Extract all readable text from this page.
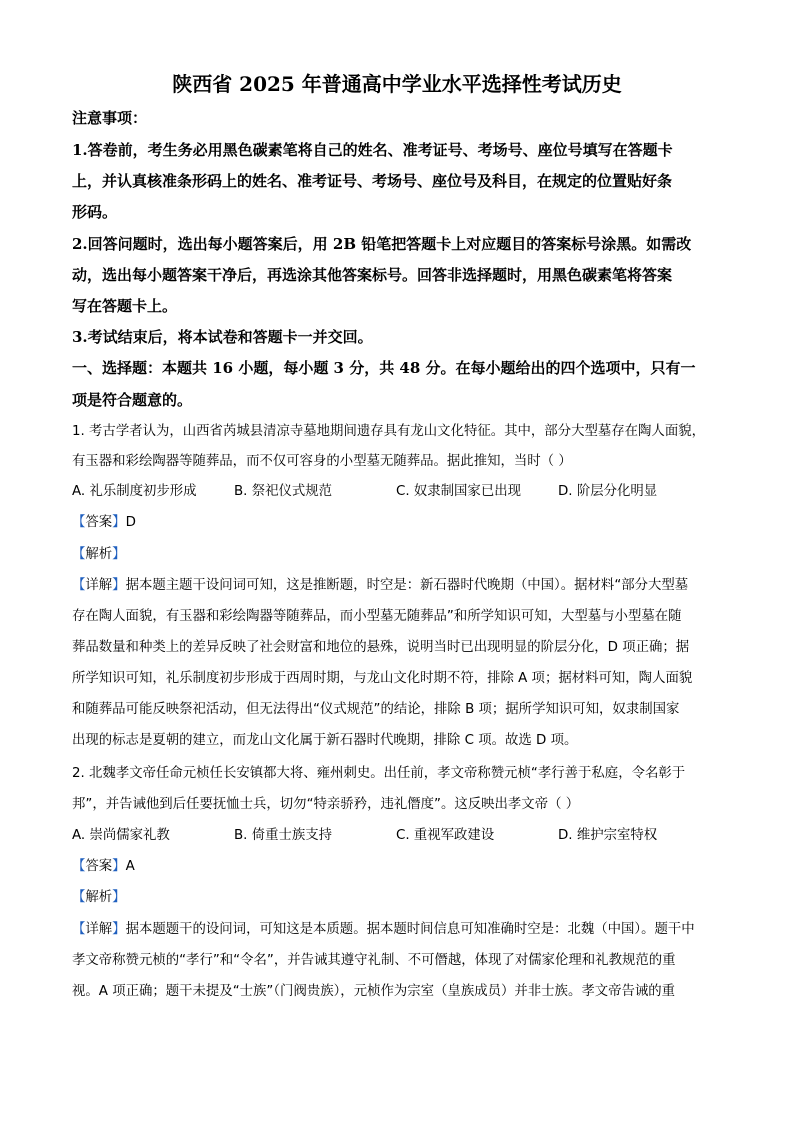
陕西省 2025 年普通高中学业水平选择性考试历史
注意事项：
1.答卷前，考生务必用黑色碳素笔将自己的姓名、准考证号、考场号、座位号填写在答题卡
上，并认真核准条形码上的姓名、准考证号、考场号、座位号及科目，在规定的位置贴好条
形码。
2.回答问题时，选出每小题答案后，用 2B 铅笔把答题卡上对应题目的答案标号涂黑。如需改
动，选出每小题答案干净后，再选涂其他答案标号。回答非选择题时，用黑色碳素笔将答案
写在答题卡上。
3.考试结束后，将本试卷和答题卡一并交回。
一、选择题：本题共 16 小题，每小题 3 分，共 48 分。在每小题给出的四个选项中，只有一
项是符合题意的。
1. 考古学者认为，山西省芮城县清凉寺墓地期间遗存具有龙山文化特征。其中，部分大型墓存在陶人面貌，
有玉器和彩绘陶器等随葬品，而不仅可容身的小型墓无随葬品。据此推知，当时（ ）
A. 礼乐制度初步形成	B. 祭祀仪式规范	C. 奴隶制国家已出现	D. 阶层分化明显
【答案】D
【解析】
【详解】据本题主题干设问词可知，这是推断题，时空是：新石器时代晚期（中国）。据材料“部分大型墓
存在陶人面貌，有玉器和彩绘陶器等随葬品，而小型墓无随葬品”和所学知识可知，大型墓与小型墓在随
葬品数量和种类上的差异反映了社会财富和地位的悬殊，说明当时已出现明显的阶层分化，D 项正确；据
所学知识可知，礼乐制度初步形成于西周时期，与龙山文化时期不符，排除 A 项；据材料可知，陶人面貌
和随葬品可能反映祭祀活动，但无法得出“仪式规范”的结论，排除 B 项；据所学知识可知，奴隶制国家
出现的标志是夏朝的建立，而龙山文化属于新石器时代晚期，排除 C 项。故选 D 项。
2. 北魏孝文帝任命元桢任长安镇都大将、雍州刺史。出任前，孝文帝称赞元桢“孝行善于私庭，令名彰于
邦”，并告诫他到后任要抚恤士兵，切勿“特亲骄矜，违礼僭度”。这反映出孝文帝（ ）
A. 崇尚儒家礼教	B. 倚重士族支持	C. 重视军政建设	D. 维护宗室特权
【答案】A
【解析】
【详解】据本题题干的设问词，可知这是本质题。据本题时间信息可知准确时空是：北魏（中国）。题干中
孝文帝称赞元桢的“孝行”和“令名”，并告诫其遵守礼制、不可僭越，体现了对儒家伦理和礼教规范的重
视。A 项正确；题干未提及“士族”（门阀贵族），元桢作为宗室（皇族成员）并非士族。孝文帝告诫的重
